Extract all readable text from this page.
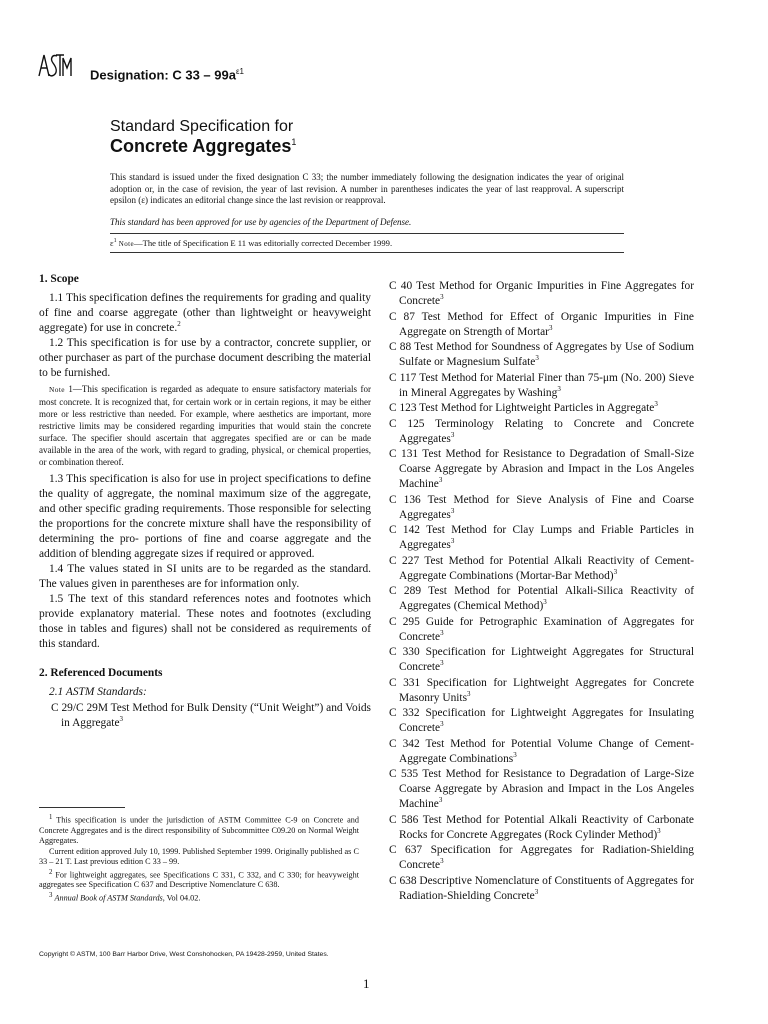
Designation: C $33 - 99a^{\varepsilon 1}$
Standard Specification for
Concrete Aggregates$^1$
This standard is issued under the fixed designation C 33; the number immediately following the designation indicates the year of original adoption or, in the case of revision, the year of last revision. A number in parentheses indicates the year of last reapproval. A superscript epsilon (ε) indicates an editorial change since the last revision or reapproval.
This standard has been approved for use by agencies of the Department of Defense.
$\varepsilon^1$ Note—The title of Specification E 11 was editorially corrected December 1999.
1. Scope

1.1 This specification defines the requirements for grading and quality of fine and coarse aggregate (other than lightweight or heavyweight aggregate) for use in concrete.$^2$

1.2 This specification is for use by a contractor, concrete supplier, or other purchaser as part of the purchase document describing the material to be furnished.

Note 1—This specification is regarded as adequate to ensure satisfactory materials for most concrete. It is recognized that, for certain work or in certain regions, it may be either more or less restrictive than needed. For example, where aesthetics are important, more restrictive limits may be considered regarding impurities that would stain the concrete surface. The specifier should ascertain that aggregates specified are or can be made available in the area of the work, with regard to grading, physical, or chemical properties, or combination thereof.

1.3 This specification is also for use in project specifications to define the quality of aggregate, the nominal maximum size of the aggregate, and other specific grading requirements. Those responsible for selecting the proportions for the concrete mixture shall have the responsibility of determining the pro- portions of fine and coarse aggregate and the addition of blending aggregate sizes if required or approved.

1.4 The values stated in SI units are to be regarded as the standard. The values given in parentheses are for information only.

1.5 The text of this standard references notes and footnotes which provide explanatory material. These notes and footnotes (excluding those in tables and figures) shall not be considered as requirements of this standard.

2. Referenced Documents
2.1 ASTM Standards:

C 29/C 29M Test Method for Bulk Density (“Unit Weight”) and Voids in Aggregate$^3$

C 40 Test Method for Organic Impurities in Fine Aggregates for Concrete$^3$

C 87 Test Method for Effect of Organic Impurities in Fine Aggregate on Strength of Mortar$^3$

C 88 Test Method for Soundness of Aggregates by Use of Sodium Sulfate or Magnesium Sulfate$^3$

C 117 Test Method for Material Finer than 75-μm (No. 200) Sieve in Mineral Aggregates by Washing$^3$

C 123 Test Method for Lightweight Particles in Aggregate$^3$

C 125 Terminology Relating to Concrete and Concrete Aggregates$^3$

C 131 Test Method for Resistance to Degradation of Small-Size Coarse Aggregate by Abrasion and Impact in the Los Angeles Machine$^3$

C 136 Test Method for Sieve Analysis of Fine and Coarse Aggregates$^3$

C 142 Test Method for Clay Lumps and Friable Particles in Aggregates$^3$

C 227 Test Method for Potential Alkali Reactivity of Cement-Aggregate Combinations (Mortar-Bar Method)$^3$

C 289 Test Method for Potential Alkali-Silica Reactivity of Aggregates (Chemical Method)$^3$

C 295 Guide for Petrographic Examination of Aggregates for Concrete$^3$

C 330 Specification for Lightweight Aggregates for Structural Concrete$^3$

C 331 Specification for Lightweight Aggregates for Concrete Masonry Units$^3$

C 332 Specification for Lightweight Aggregates for Insulating Concrete$^3$

C 342 Test Method for Potential Volume Change of Cement-Aggregate Combinations$^3$

C 535 Test Method for Resistance to Degradation of Large-Size Coarse Aggregate by Abrasion and Impact in the Los Angeles Machine$^3$

C 586 Test Method for Potential Alkali Reactivity of Carbonate Rocks for Concrete Aggregates (Rock Cylinder Method)$^3$

C 637 Specification for Aggregates for Radiation-Shielding Concrete$^3$

C 638 Descriptive Nomenclature of Constituents of Aggregates for Radiation-Shielding Concrete$^3$

$^1$ This specification is under the jurisdiction of ASTM Committee C-9 on Concrete and Concrete Aggregates and is the direct responsibility of Subcommittee C09.20 on Normal Weight Aggregates.

Current edition approved July 10, 1999. Published September 1999. Originally published as C 33 – 21 T. Last previous edition C 33 – 99.

$^2$ For lightweight aggregates, see Specifications C 331, C 332, and C 330; for heavyweight aggregates see Specification C 637 and Descriptive Nomenclature C 638.

$^3$ Annual Book of ASTM Standards, Vol 04.02.

Copyright © ASTM, 100 Barr Harbor Drive, West Conshohocken, PA 19428-2959, United States.
1
